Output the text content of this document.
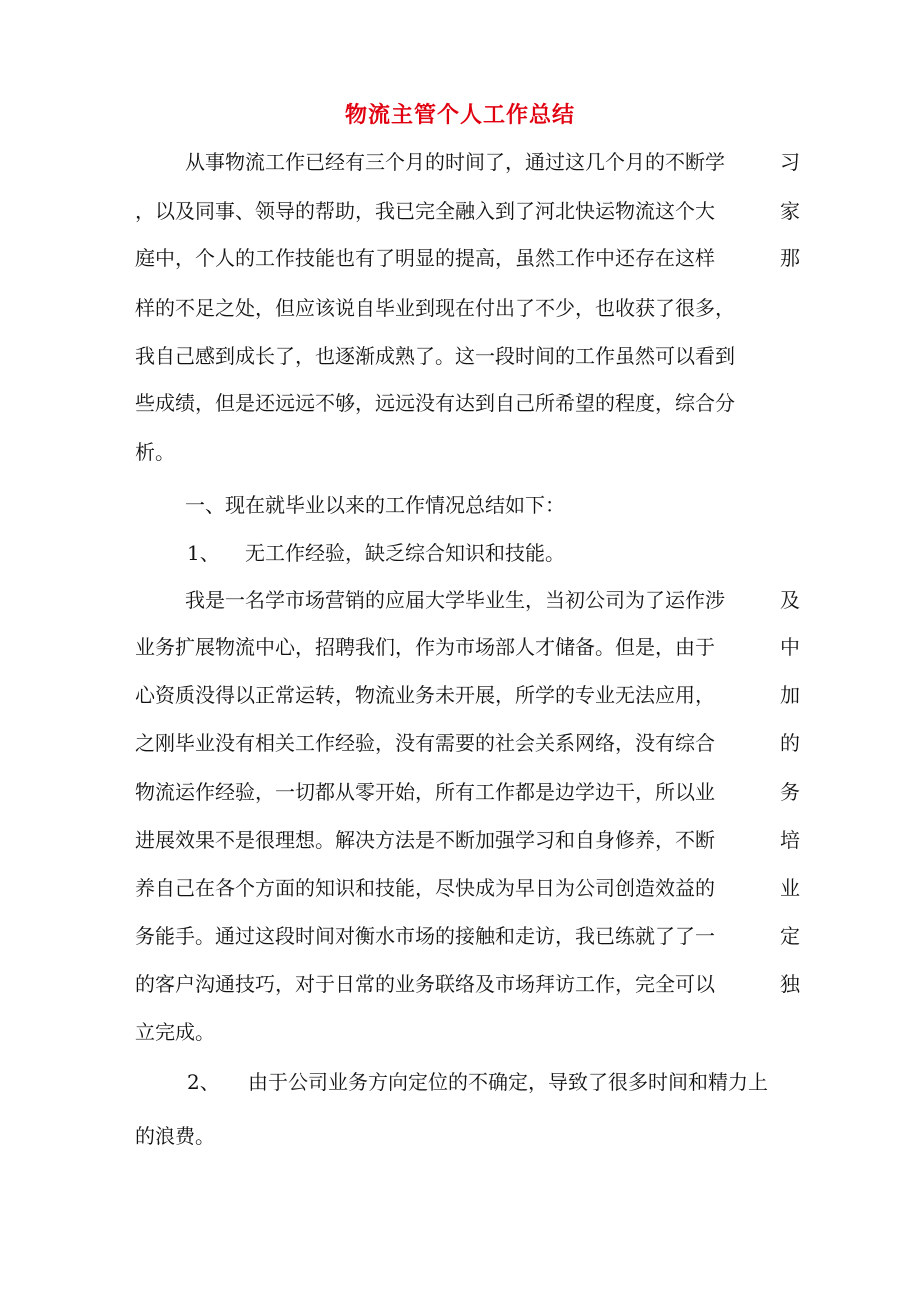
物流主管个人工作总结
从事物流工作已经有三个月的时间了，通过这几个月的不断学	习
，以及同事、领导的帮助，我已完全融入到了河北快运物流这个大	家
庭中，个人的工作技能也有了明显的提高，虽然工作中还存在这样	那
样的不足之处，但应该说自毕业到现在付出了不少，也收获了很多，
我自己感到成长了，也逐渐成熟了。这一段时间的工作虽然可以看到
些成绩，但是还远远不够，远远没有达到自己所希望的程度，综合分
析。
一、现在就毕业以来的工作情况总结如下：
1、 无工作经验，缺乏综合知识和技能。
我是一名学市场营销的应届大学毕业生，当初公司为了运作涉	及
业务扩展物流中心，招聘我们，作为市场部人才储备。但是，由于	中
心资质没得以正常运转，物流业务未开展，所学的专业无法应用，	加
之刚毕业没有相关工作经验，没有需要的社会关系网络，没有综合	的
物流运作经验，一切都从零开始，所有工作都是边学边干，所以业	务
进展效果不是很理想。解决方法是不断加强学习和自身修养，不断	培
养自己在各个方面的知识和技能，尽快成为早日为公司创造效益的	业
务能手。通过这段时间对衡水市场的接触和走访，我已练就了了一	定
的客户沟通技巧，对于日常的业务联络及市场拜访工作，完全可以	独
立完成。
2、 由于公司业务方向定位的不确定，导致了很多时间和精力上
的浪费。
